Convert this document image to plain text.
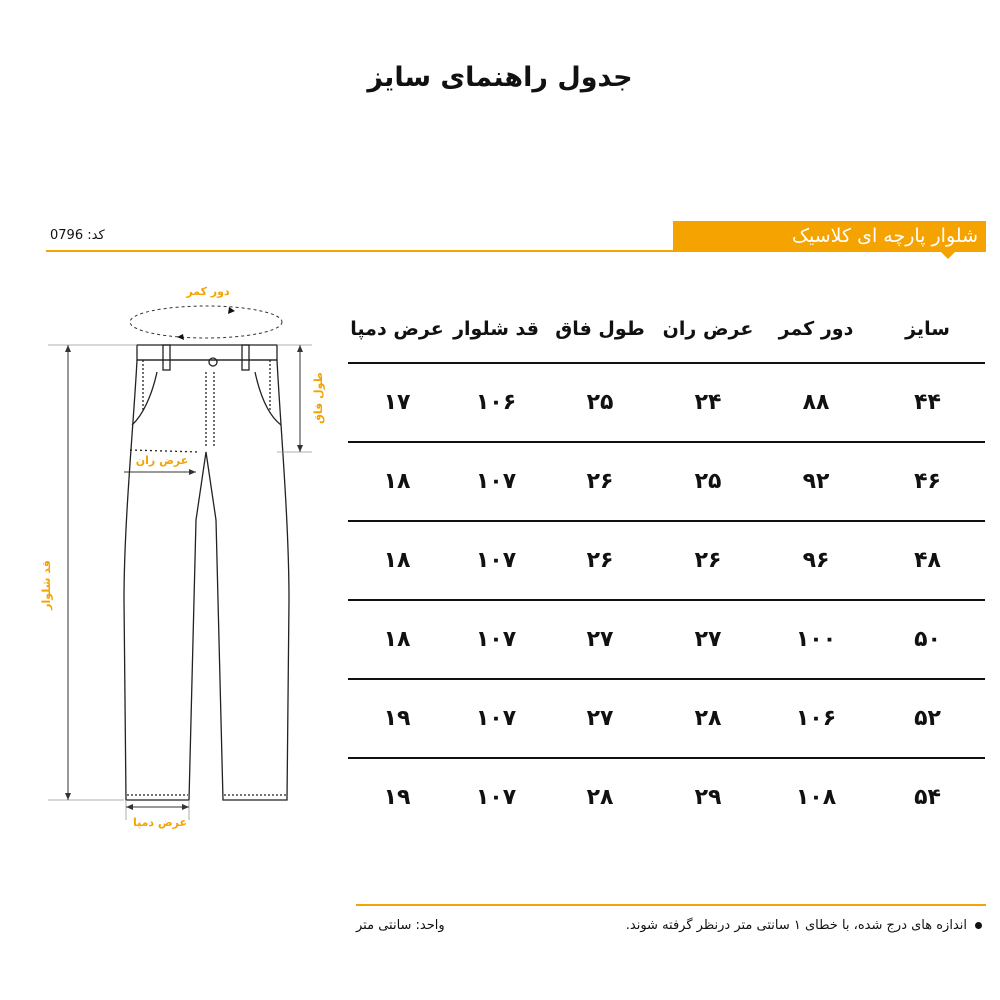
جدول راهنمای سایز
شلوار پارچه ای کلاسیک
کد: 0796
دور کمر
عرض ران
طول فاق
قد شلوار
عرض دمپا
سایز	دور کمر	عرض ران	طول فاق	قد شلوار	عرض دمپا
۴۴	۸۸	۲۴	۲۵	۱۰۶	۱۷
۴۶	۹۲	۲۵	۲۶	۱۰۷	۱۸
۴۸	۹۶	۲۶	۲۶	۱۰۷	۱۸
۵۰	۱۰۰	۲۷	۲۷	۱۰۷	۱۸
۵۲	۱۰۶	۲۸	۲۷	۱۰۷	۱۹
۵۴	۱۰۸	۲۹	۲۸	۱۰۷	۱۹
اندازه های درج شده، با خطای ۱ سانتی متر درنظر گرفته شوند.
واحد: سانتی متر
